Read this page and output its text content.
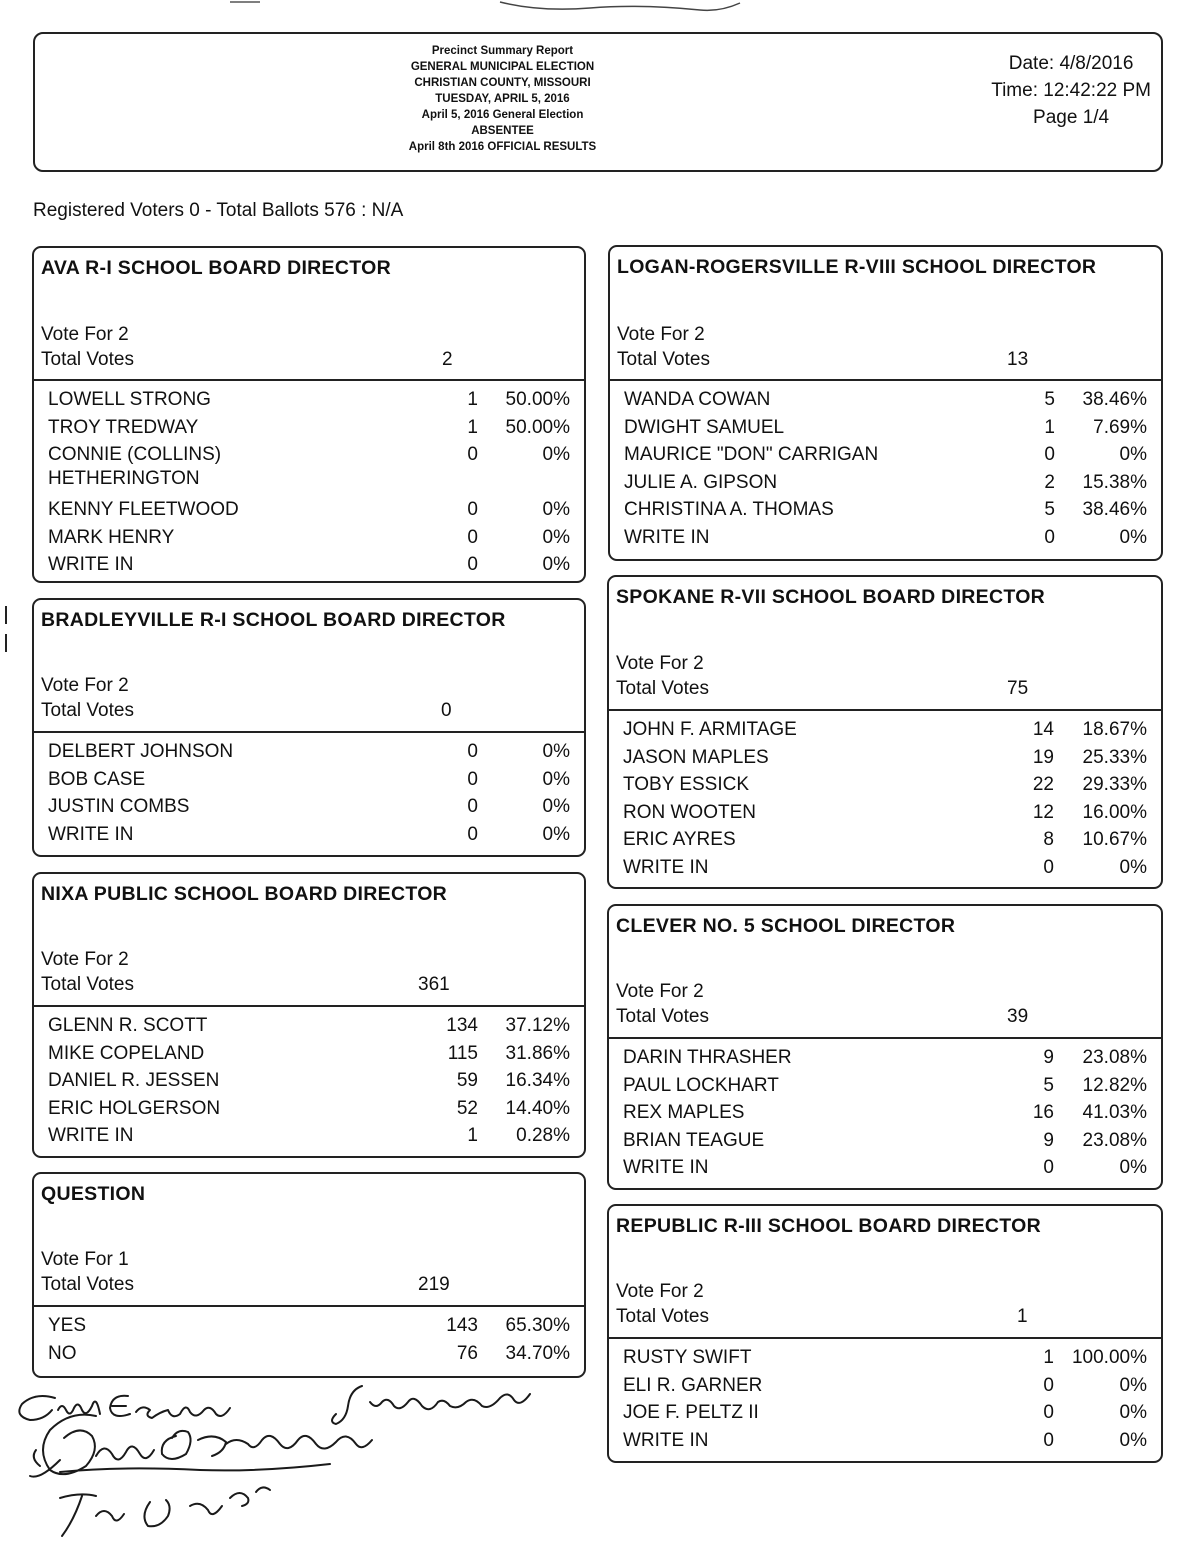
Precinct Summary Report
GENERAL MUNICIPAL ELECTION
CHRISTIAN COUNTY, MISSOURI
TUESDAY, APRIL 5, 2016
April 5, 2016 General Election
ABSENTEE
April 8th 2016 OFFICIAL RESULTS
Date: 4/8/2016
Time: 12:42:22 PM
Page 1/4
Registered Voters 0 - Total Ballots 576 : N/A
AVA R-I SCHOOL BOARD DIRECTOR
Vote For 2
Total Votes	2
LOWELL STRONG	1	50.00%
TROY TREDWAY	1	50.00%
CONNIE (COLLINS)	0	0%
HETHERINGTON
KENNY FLEETWOOD	0	0%
MARK HENRY	0	0%
WRITE IN	0	0%
BRADLEYVILLE R-I SCHOOL BOARD DIRECTOR
Vote For 2
Total Votes	0
DELBERT JOHNSON	0	0%
BOB CASE	0	0%
JUSTIN COMBS	0	0%
WRITE IN	0	0%
NIXA PUBLIC SCHOOL BOARD DIRECTOR
Vote For 2
Total Votes	361
GLENN R. SCOTT	134	37.12%
MIKE COPELAND	115	31.86%
DANIEL R. JESSEN	59	16.34%
ERIC HOLGERSON	52	14.40%
WRITE IN	1	0.28%
QUESTION
Vote For 1
Total Votes	219
YES	143	65.30%
NO	76	34.70%
LOGAN-ROGERSVILLE R-VIII SCHOOL DIRECTOR
Vote For 2
Total Votes	13
WANDA COWAN	5	38.46%
DWIGHT SAMUEL	1	7.69%
MAURICE "DON" CARRIGAN	0	0%
JULIE A. GIPSON	2	15.38%
CHRISTINA A. THOMAS	5	38.46%
WRITE IN	0	0%
SPOKANE R-VII SCHOOL BOARD DIRECTOR
Vote For 2
Total Votes	75
JOHN F. ARMITAGE	14	18.67%
JASON MAPLES	19	25.33%
TOBY ESSICK	22	29.33%
RON WOOTEN	12	16.00%
ERIC AYRES	8	10.67%
WRITE IN	0	0%
CLEVER NO. 5 SCHOOL DIRECTOR
Vote For 2
Total Votes	39
DARIN THRASHER	9	23.08%
PAUL LOCKHART	5	12.82%
REX MAPLES	16	41.03%
BRIAN TEAGUE	9	23.08%
WRITE IN	0	0%
REPUBLIC R-III SCHOOL BOARD DIRECTOR
Vote For 2
Total Votes	1
RUSTY SWIFT	1 100.00%
ELI R. GARNER	0	0%
JOE F. PELTZ II	0	0%
WRITE IN	0	0%
